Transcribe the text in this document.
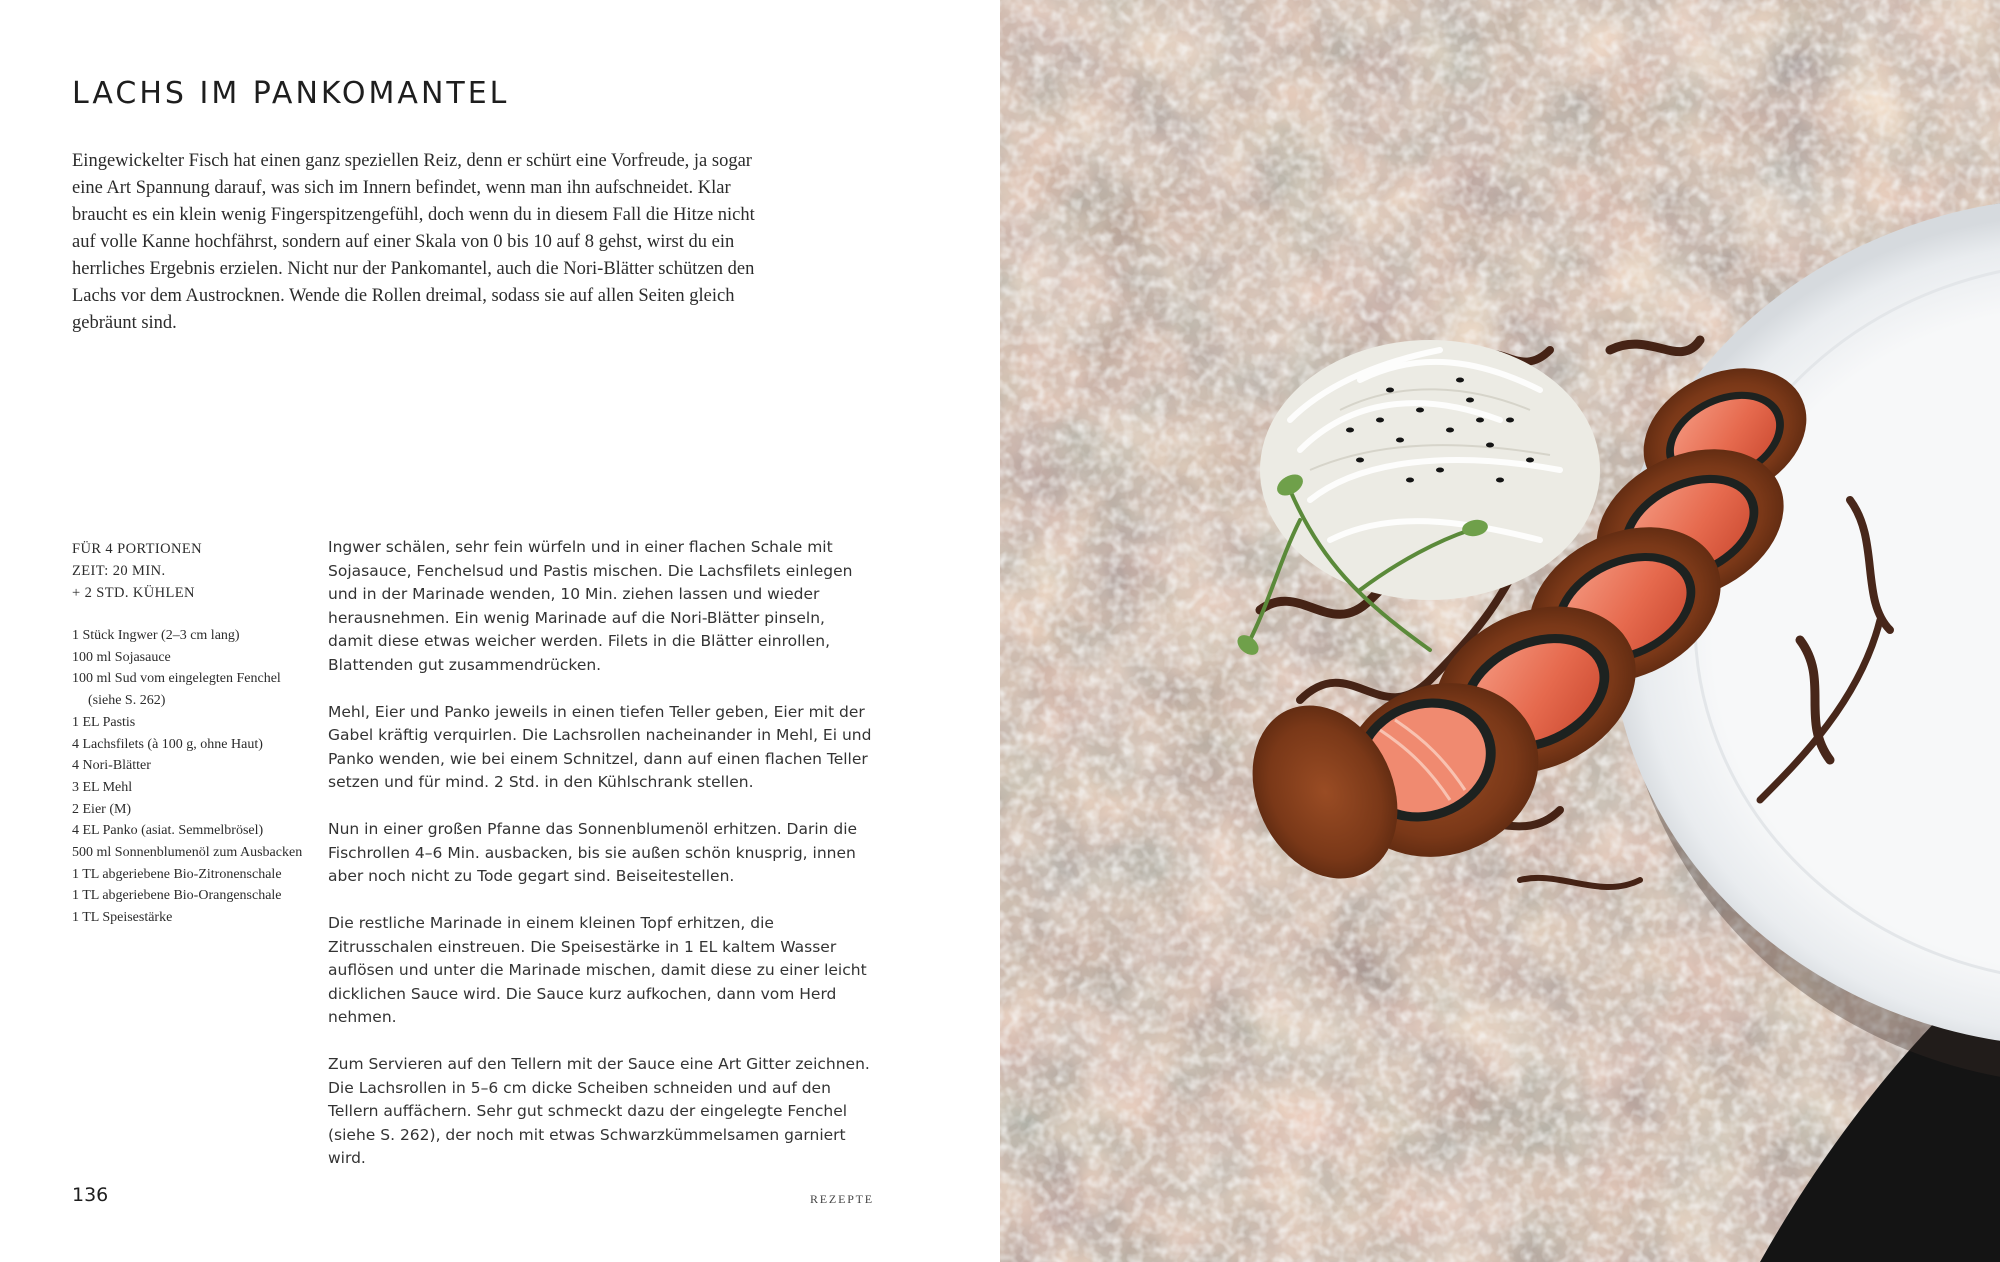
LACHS IM PANKOMANTEL

Eingewickelter Fisch hat einen ganz speziellen Reiz, denn er schürt eine Vorfreude, ja sogar eine Art Spannung darauf, was sich im Innern befindet, wenn man ihn aufschneidet. Klar braucht es ein klein wenig Fingerspitzengefühl, doch wenn du in diesem Fall die Hitze nicht auf volle Kanne hochfährst, sondern auf einer Skala von 0 bis 10 auf 8 gehst, wirst du ein herrliches Ergebnis erzielen. Nicht nur der Pankomantel, auch die Nori-Blätter schützen den Lachs vor dem Austrocknen. Wende die Rollen dreimal, sodass sie auf allen Seiten gleich gebräunt sind.

FÜR 4 PORTIONEN
ZEIT: 20 MIN.
+ 2 STD. KÜHLEN
1 Stück Ingwer (2–3 cm lang)
100 ml Sojasauce
100 ml Sud vom eingelegten Fenchel (siehe S. 262)
1 EL Pastis
4 Lachsfilets (à 100 g, ohne Haut)
4 Nori-Blätter
3 EL Mehl
2 Eier (M)
4 EL Panko (asiat. Semmelbrösel)
500 ml Sonnenblumenöl zum Ausbacken
1 TL abgeriebene Bio-Zitronenschale
1 TL abgeriebene Bio-Orangenschale
1 TL Speisestärke

Ingwer schälen, sehr fein würfeln und in einer flachen Schale mit Sojasauce, Fenchelsud und Pastis mischen. Die Lachsfilets einlegen und in der Marinade wenden, 10 Min. ziehen lassen und wieder herausnehmen. Ein wenig Marinade auf die Nori-Blätter pinseln, damit diese etwas weicher werden. Filets in die Blätter einrollen, Blattenden gut zusammendrücken.

Mehl, Eier und Panko jeweils in einen tiefen Teller geben, Eier mit der Gabel kräftig verquirlen. Die Lachsrollen nacheinander in Mehl, Ei und Panko wenden, wie bei einem Schnitzel, dann auf einen flachen Teller setzen und für mind. 2 Std. in den Kühlschrank stellen.

Nun in einer großen Pfanne das Sonnenblumenöl erhitzen. Darin die Fischrollen 4–6 Min. ausbacken, bis sie außen schön knusprig, innen aber noch nicht zu Tode gegart sind. Beiseitestellen.

Die restliche Marinade in einem kleinen Topf erhitzen, die Zitrusschalen einstreuen. Die Speisestärke in 1 EL kaltem Wasser auflösen und unter die Marinade mischen, damit diese zu einer leicht dicklichen Sauce wird. Die Sauce kurz aufkochen, dann vom Herd nehmen.

Zum Servieren auf den Tellern mit der Sauce eine Art Gitter zeichnen. Die Lachsrollen in 5–6 cm dicke Scheiben schneiden und auf den Tellern auffächern. Sehr gut schmeckt dazu der eingelegte Fenchel (siehe S. 262), der noch mit etwas Schwarzkümmelsamen garniert wird.

136	REZEPTE
